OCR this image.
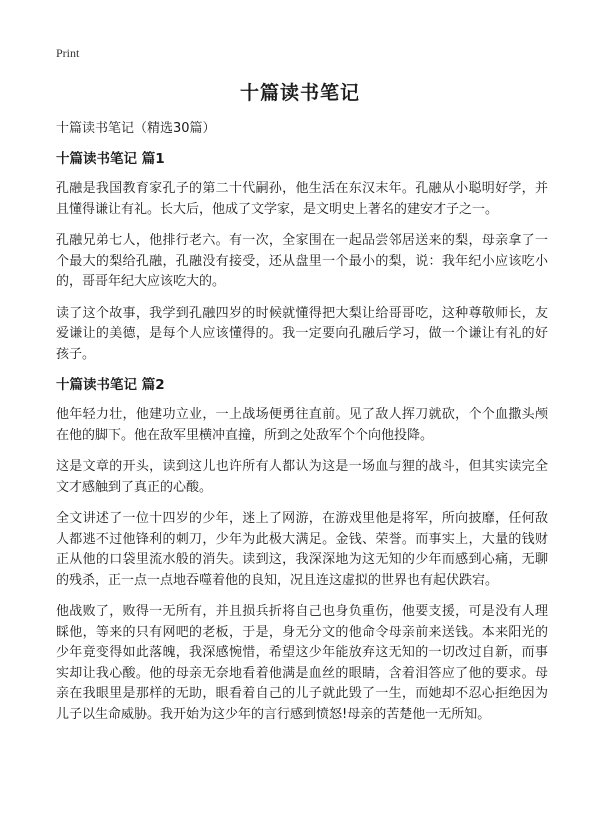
Print

十篇读书笔记

十篇读书笔记（精选30篇）

十篇读书笔记 篇1

孔融是我国教育家孔子的第二十代嗣孙，他生活在东汉末年。孔融从小聪明好学，并且懂得谦让有礼。长大后，他成了文学家，是文明史上著名的建安才子之一。

孔融兄弟七人，他排行老六。有一次，全家围在一起品尝邻居送来的梨，母亲拿了一个最大的梨给孔融，孔融没有接受，还从盘里一个最小的梨，说：我年纪小应该吃小的，哥哥年纪大应该吃大的。

读了这个故事，我学到孔融四岁的时候就懂得把大梨让给哥哥吃，这种尊敬师长，友爱谦让的美德，是每个人应该懂得的。我一定要向孔融后学习，做一个谦让有礼的好孩子。

十篇读书笔记 篇2

他年轻力壮，他建功立业，一上战场便勇往直前。见了敌人挥刀就砍，个个血撒头颅在他的脚下。他在敌军里横冲直撞，所到之处敌军个个向他投降。

这是文章的开头，读到这儿也许所有人都认为这是一场血与狸的战斗，但其实读完全文才感触到了真正的心酸。

全文讲述了一位十四岁的少年，迷上了网游，在游戏里他是将军，所向披靡，任何敌人都逃不过他锋利的刺刀，少年为此极大满足。金钱、荣誉。而事实上，大量的钱财正从他的口袋里流水般的消失。读到这，我深深地为这无知的少年而感到心痛，无聊的残杀，正一点一点地吞噬着他的良知，况且连这虚拟的世界也有起伏跌宕。

他战败了，败得一无所有，并且损兵折将自己也身负重伤，他要支援，可是没有人理睬他，等来的只有网吧的老板，于是，身无分文的他命令母亲前来送钱。本来阳光的少年竟变得如此落魄，我深感惋惜，希望这少年能放弃这无知的一切改过自新，而事实却让我心酸。他的母亲无奈地看着他满是血丝的眼睛，含着泪答应了他的要求。母亲在我眼里是那样的无助，眼看着自己的儿子就此毁了一生，而她却不忍心拒绝因为儿子以生命威胁。我开始为这少年的言行感到愤怒!母亲的苦楚他一无所知。
